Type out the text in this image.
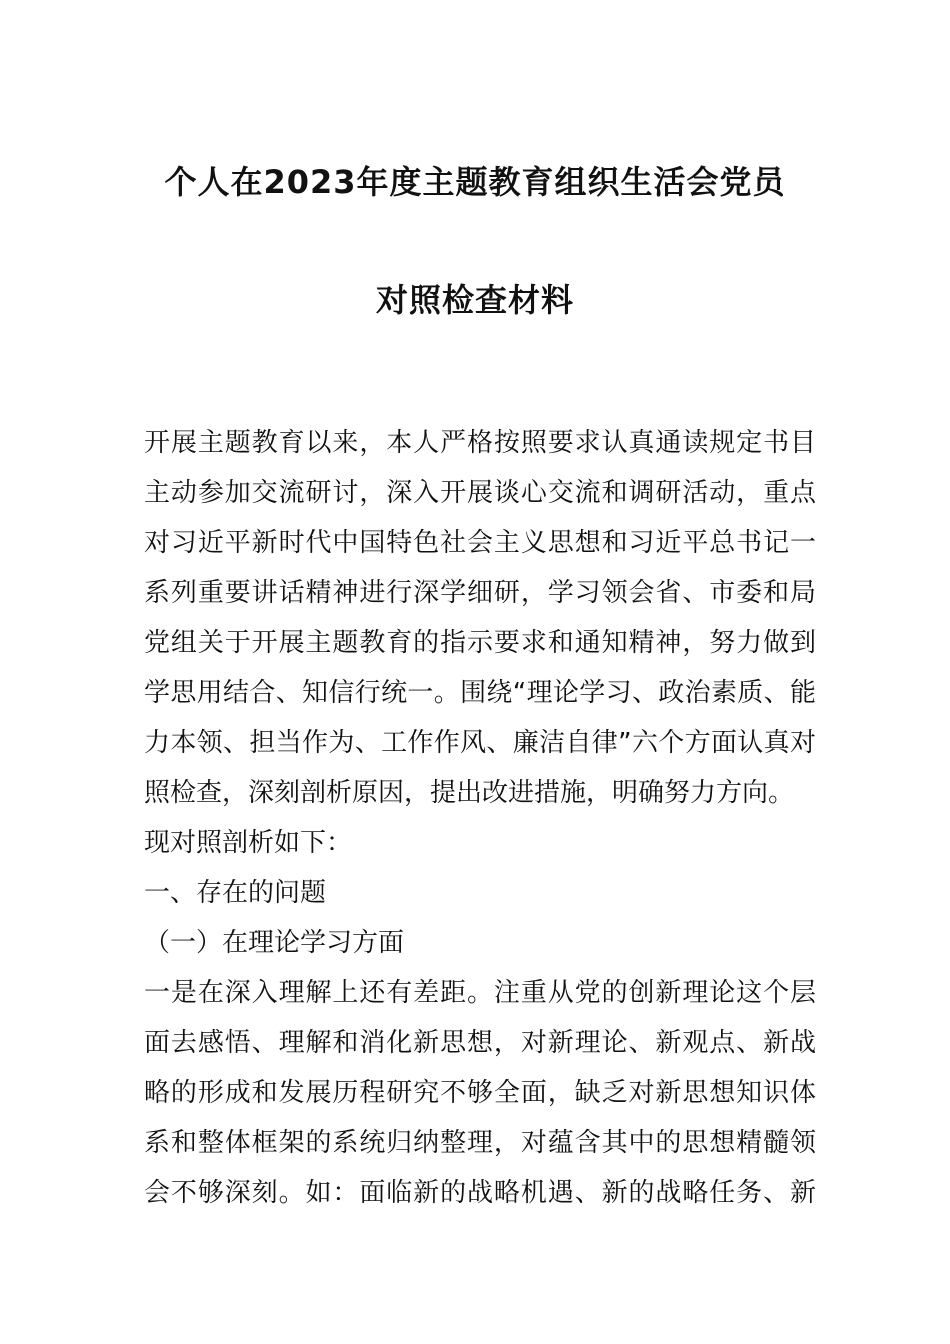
个人在2023年度主题教育组织生活会党员
对照检查材料
开展主题教育以来，本人严格按照要求认真通读规定书目
主动参加交流研讨，深入开展谈心交流和调研活动，重点
对习近平新时代中国特色社会主义思想和习近平总书记一
系列重要讲话精神进行深学细研，学习领会省、市委和局
党组关于开展主题教育的指示要求和通知精神，努力做到
学思用结合、知信行统一。围绕“理论学习、政治素质、能
力本领、担当作为、工作作风、廉洁自律”六个方面认真对
照检查，深刻剖析原因，提出改进措施，明确努力方向。
现对照剖析如下：
一、存在的问题
（一）在理论学习方面
一是在深入理解上还有差距。注重从党的创新理论这个层
面去感悟、理解和消化新思想，对新理论、新观点、新战
略的形成和发展历程研究不够全面，缺乏对新思想知识体
系和整体框架的系统归纳整理，对蕴含其中的思想精髓领
会不够深刻。如：面临新的战略机遇、新的战略任务、新
